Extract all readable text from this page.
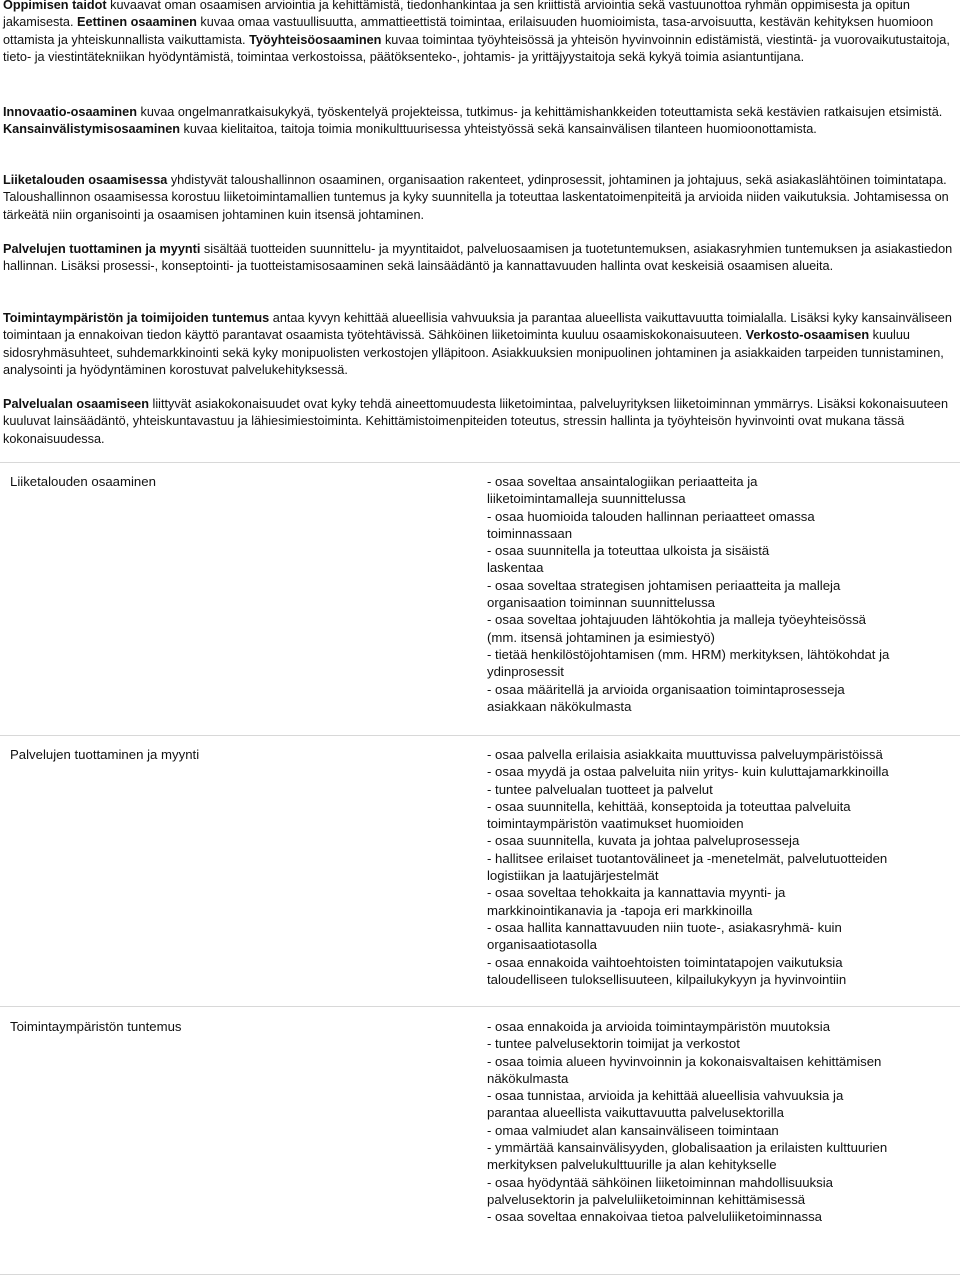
Oppimisen taidot kuvaavat oman osaamisen arviointia ja kehittämistä, tiedonhankintaa ja sen kriittistä arviointia sekä vastuunottoa ryhmän oppimisesta ja opitun jakamisesta. Eettinen osaaminen kuvaa omaa vastuullisuutta, ammattieettistä toimintaa, erilaisuuden huomioimista, tasa-arvoisuutta, kestävän kehityksen huomioon ottamista ja yhteiskunnallista vaikuttamista. Työyhteisöosaaminen kuvaa toimintaa työyhteisössä ja yhteisön hyvinvoinnin edistämistä, viestintä- ja vuorovaikutustaitoja, tieto- ja viestintätekniikan hyödyntämistä, toimintaa verkostoissa, päätöksenteko-, johtamis- ja yrittäjyystaitoja sekä kykyä toimia asiantuntijana.

Innovaatio-osaaminen kuvaa ongelmanratkaisukykyä, työskentelyä projekteissa, tutkimus- ja kehittämishankkeiden toteuttamista sekä kestävien ratkaisujen etsimistä. Kansainvälistymisosaaminen kuvaa kielitaitoa, taitoja toimia monikulttuurisessa yhteistyössä sekä kansainvälisen tilanteen huomioonottamista.

Liiketalouden osaamisessa yhdistyvät taloushallinnon osaaminen, organisaation rakenteet, ydinprosessit, johtaminen ja johtajuus, sekä asiakaslähtöinen toimintatapa. Taloushallinnon osaamisessa korostuu liiketoimintamallien tuntemus ja kyky suunnitella ja toteuttaa laskentatoimenpiteitä ja arvioida niiden vaikutuksia. Johtamisessa on tärkeätä niin organisointi ja osaamisen johtaminen kuin itsensä johtaminen.

Palvelujen tuottaminen ja myynti sisältää tuotteiden suunnittelu- ja myyntitaidot, palveluosaamisen ja tuotetuntemuksen, asiakasryhmien tuntemuksen ja asiakastiedon hallinnan. Lisäksi prosessi-, konseptointi- ja tuotteistamisosaaminen sekä lainsäädäntö ja kannattavuuden hallinta ovat keskeisiä osaamisen alueita.

Toimintaympäristön ja toimijoiden tuntemus antaa kyvyn kehittää alueellisia vahvuuksia ja parantaa alueellista vaikuttavuutta toimialalla. Lisäksi kyky kansainväliseen toimintaan ja ennakoivan tiedon käyttö parantavat osaamista työtehtävissä. Sähköinen liiketoiminta kuuluu osaamiskokonaisuuteen. Verkosto-osaamisen kuuluu sidosryhmäsuhteet, suhdemarkkinointi sekä kyky monipuolisten verkostojen ylläpitoon. Asiakkuuksien monipuolinen johtaminen ja asiakkaiden tarpeiden tunnistaminen, analysointi ja hyödyntäminen korostuvat palvelukehityksessä.

Palvelualan osaamiseen liittyvät asiakokonaisuudet ovat kyky tehdä aineettomuudesta liiketoimintaa, palveluyrityksen liiketoiminnan ymmärrys. Lisäksi kokonaisuuteen kuuluvat lainsäädäntö, yhteiskuntavastuu ja lähiesimiestoiminta. Kehittämistoimenpiteiden toteutus, stressin hallinta ja työyhteisön hyvinvointi ovat mukana tässä kokonaisuudessa.

Liiketalouden osaaminen	- osaa soveltaa ansaintalogiikan periaatteita ja
liiketoimintamalleja suunnittelussa
- osaa huomioida talouden hallinnan periaatteet omassa
toiminnassaan
- osaa suunnitella ja toteuttaa ulkoista ja sisäistä
laskentaa
- osaa soveltaa strategisen johtamisen periaatteita ja malleja
organisaation toiminnan suunnittelussa
- osaa soveltaa johtajuuden lähtökohtia ja malleja työeyhteisössä
(mm. itsensä johtaminen ja esimiestyö)
- tietää henkilöstöjohtamisen (mm. HRM) merkityksen, lähtökohdat ja
ydinprosessit
- osaa määritellä ja arvioida organisaation toimintaprosesseja
asiakkaan näkökulmasta
Palvelujen tuottaminen ja myynti	- osaa palvella erilaisia asiakkaita muuttuvissa palveluympäristöissä
- osaa myydä ja ostaa palveluita niin yritys- kuin kuluttajamarkkinoilla
- tuntee palvelualan tuotteet ja palvelut
- osaa suunnitella, kehittää, konseptoida ja toteuttaa palveluita
toimintaympäristön vaatimukset huomioiden
- osaa suunnitella, kuvata ja johtaa palveluprosesseja
- hallitsee erilaiset tuotantovälineet ja -menetelmät, palvelutuotteiden
logistiikan ja laatujärjestelmät
- osaa soveltaa tehokkaita ja kannattavia myynti- ja
markkinointikanavia ja -tapoja eri markkinoilla
- osaa hallita kannattavuuden niin tuote-, asiakasryhmä- kuin
organisaatiotasolla
- osaa ennakoida vaihtoehtoisten toimintatapojen vaikutuksia
taloudelliseen tuloksellisuuteen, kilpailukykyyn ja hyvinvointiin
Toimintaympäristön tuntemus	- osaa ennakoida ja arvioida toimintaympäristön muutoksia
- tuntee palvelusektorin toimijat ja verkostot
- osaa toimia alueen hyvinvoinnin ja kokonaisvaltaisen kehittämisen
näkökulmasta
- osaa tunnistaa, arvioida ja kehittää alueellisia vahvuuksia ja
parantaa alueellista vaikuttavuutta palvelusektorilla
- omaa valmiudet alan kansainväliseen toimintaan
- ymmärtää kansainvälisyyden, globalisaation ja erilaisten kulttuurien
merkityksen palvelukulttuurille ja alan kehitykselle
- osaa hyödyntää sähköinen liiketoiminnan mahdollisuuksia
palvelusektorin ja palveluliiketoiminnan kehittämisessä
- osaa soveltaa ennakoivaa tietoa palveluliiketoiminnassa
